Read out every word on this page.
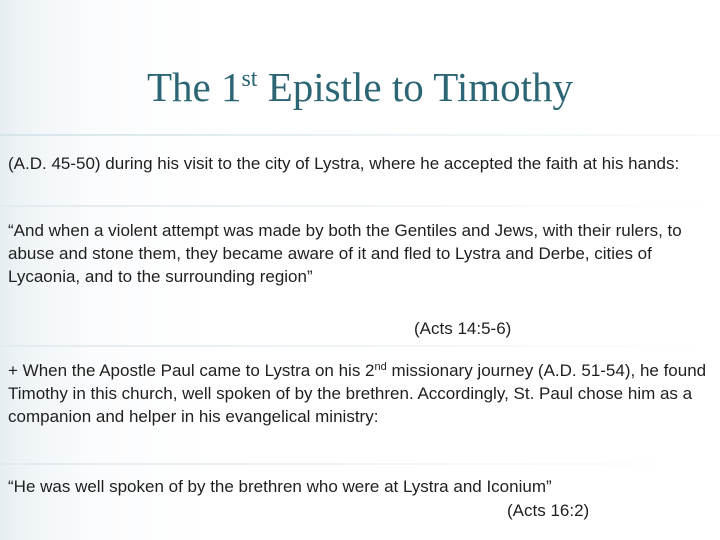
The 1st Epistle to Timothy

(A.D. 45-50) during his visit to the city of Lystra, where he accepted the faith at his hands:

“And when a violent attempt was made by both the Gentiles and Jews, with their rulers, to abuse and stone them, they became aware of it and fled to Lystra and Derbe, cities of Lycaonia, and to the surrounding region”

(Acts 14:5-6)

+ When the Apostle Paul came to Lystra on his 2nd missionary journey (A.D. 51-54), he found Timothy in this church, well spoken of by the brethren. Accordingly, St. Paul chose him as a companion and helper in his evangelical ministry:

“He was well spoken of by the brethren who were at Lystra and Iconium”

(Acts 16:2)
